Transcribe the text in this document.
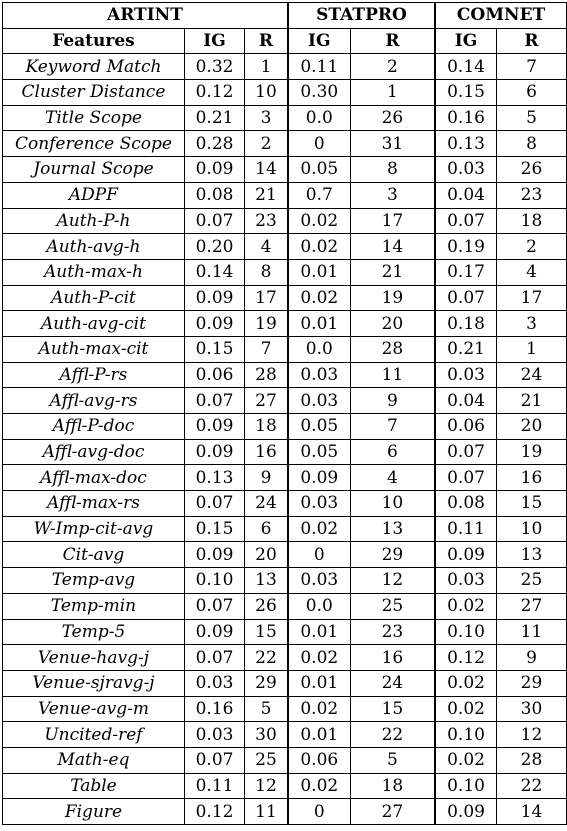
ARTINT			STATPRO		COMNET	
Features	IG	R	IG	R	IG	R
Keyword Match	0.32	1	0.11	2	0.14	7
Cluster Distance	0.12	10	0.30	1	0.15	6
Title Scope	0.21	3	0.0	26	0.16	5
Conference Scope	0.28	2	0	31	0.13	8
Journal Scope	0.09	14	0.05	8	0.03	26
ADPF	0.08	21	0.7	3	0.04	23
Auth-P-h	0.07	23	0.02	17	0.07	18
Auth-avg-h	0.20	4	0.02	14	0.19	2
Auth-max-h	0.14	8	0.01	21	0.17	4
Auth-P-cit	0.09	17	0.02	19	0.07	17
Auth-avg-cit	0.09	19	0.01	20	0.18	3
Auth-max-cit	0.15	7	0.0	28	0.21	1
Affl-P-rs	0.06	28	0.03	11	0.03	24
Affl-avg-rs	0.07	27	0.03	9	0.04	21
Affl-P-doc	0.09	18	0.05	7	0.06	20
Affl-avg-doc	0.09	16	0.05	6	0.07	19
Affl-max-doc	0.13	9	0.09	4	0.07	16
Affl-max-rs	0.07	24	0.03	10	0.08	15
W-Imp-cit-avg	0.15	6	0.02	13	0.11	10
Cit-avg	0.09	20	0	29	0.09	13
Temp-avg	0.10	13	0.03	12	0.03	25
Temp-min	0.07	26	0.0	25	0.02	27
Temp-5	0.09	15	0.01	23	0.10	11
Venue-havg-j	0.07	22	0.02	16	0.12	9
Venue-sjravg-j	0.03	29	0.01	24	0.02	29
Venue-avg-m	0.16	5	0.02	15	0.02	30
Uncited-ref	0.03	30	0.01	22	0.10	12
Math-eq	0.07	25	0.06	5	0.02	28
Table	0.11	12	0.02	18	0.10	22
Figure	0.12	11	0	27	0.09	14
